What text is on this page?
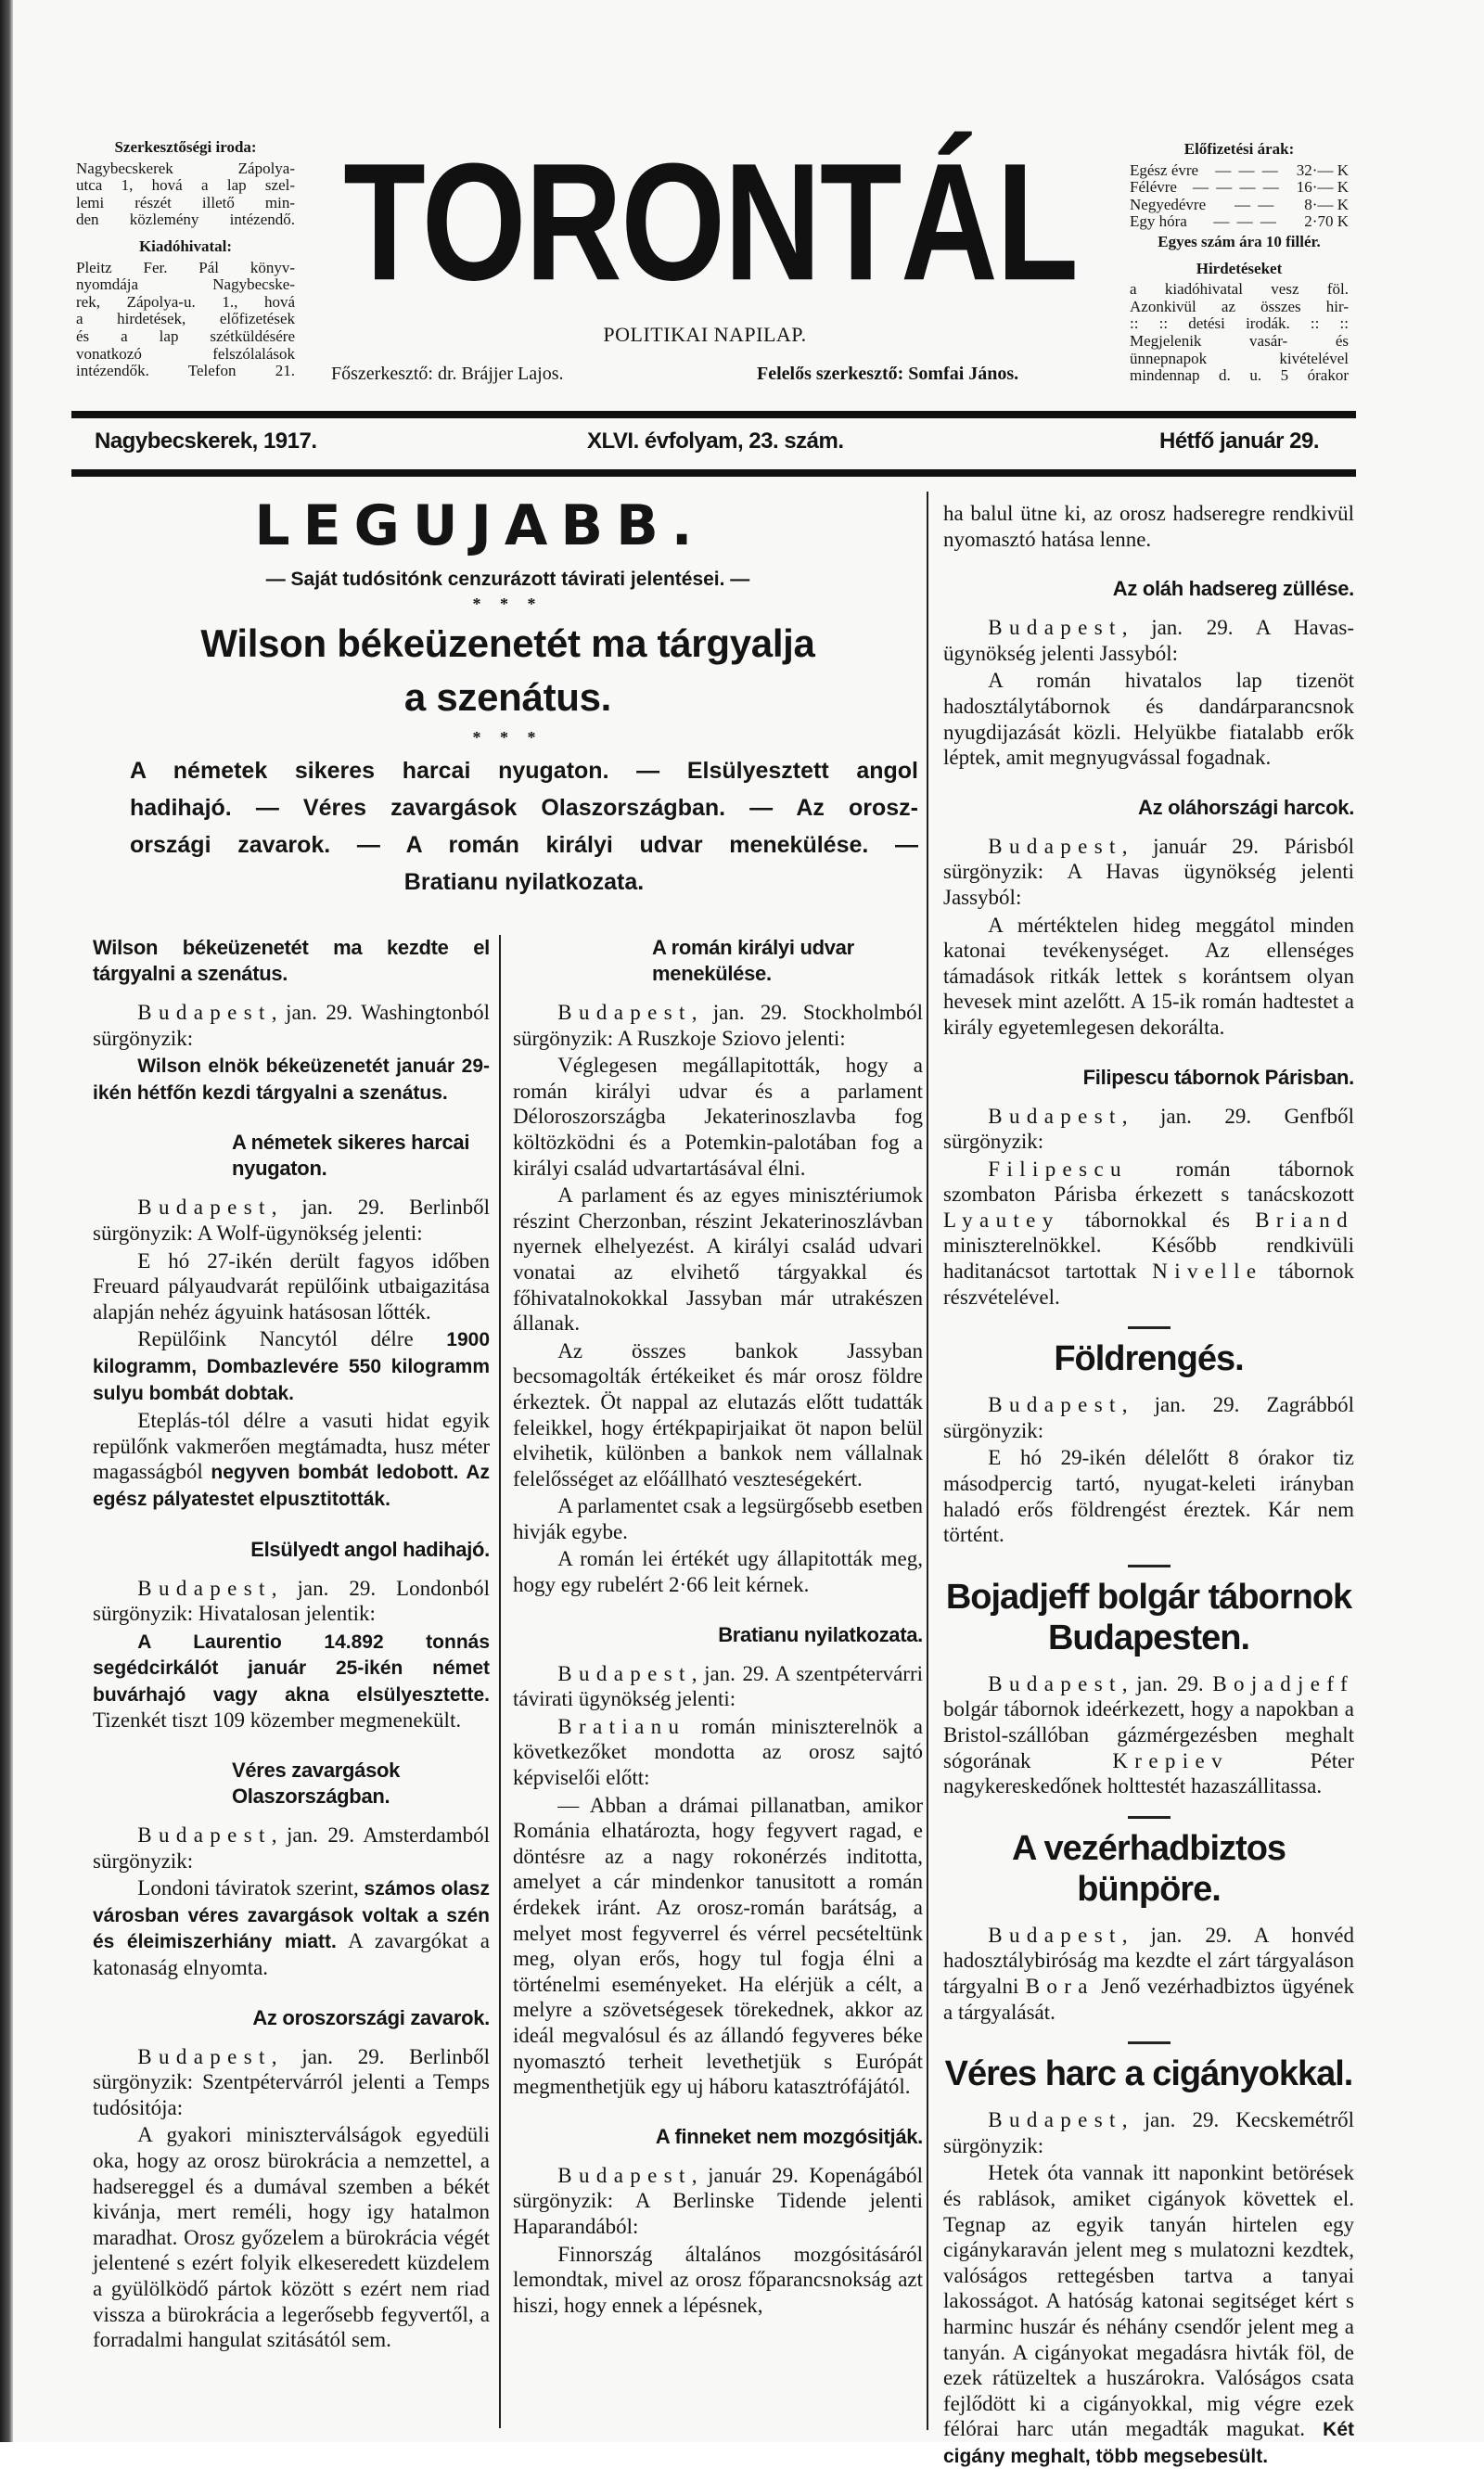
Szerkesztőségi iroda:
Nagybecskerek Zápolya-
utca 1, hová a lap szel-
lemi részét illető min-
den közlemény intézendő.
Kiadóhivatal:
Pleitz Fer. Pál könyv-
nyomdája Nagybecske-
rek, Zápolya-u. 1., hová
a hirdetések, előfizetések
és a lap szétküldésére
vonatkozó felszólalások
intézendők. Telefon 21.
TORONTÁL
POLITIKAI NAPILAP.
Főszerkesztő: dr. Brájjer Lajos.	Felelős szerkesztő: Somfai János.
Előfizetési árak:
Egész évre	— — —	32·— K
Félévre	— — — —	16·— K
Negyedévre	— —	8·— K
Egy hóra	— — —	2·70 K
Egyes szám ára 10 fillér.
Hirdetéseket
a kiadóhivatal vesz föl.
Azonkivül az összes hir-
:: :: detési irodák. :: ::
Megjelenik vasár- és
ünnepnapok kivételével
mindennap d. u. 5 órakor
Nagybecskerek, 1917.	XLVI. évfolyam, 23. szám.	Hétfő január 29.
LEGUJABB.
— Saját tudósitónk cenzurázott távirati jelentései. —
* * *
Wilson békeüzenetét ma tárgyalja
a szenátus.
* * *
A németek sikeres harcai nyugaton. — Elsülyesztett angol
hadihajó. — Véres zavargások Olaszországban. — Az orosz-
országi zavarok. — A román királyi udvar menekülése. —
Bratianu nyilatkozata.
Wilson békeüzenetét ma kezdte el tárgyalni a szenátus.

Budapest, jan. 29. Washingtonból sürgönyzik:

Wilson elnök békeüzenetét január 29-ikén hétfőn kezdi tárgyalni a szenátus.

A németek sikeres harcai nyugaton.

Budapest, jan. 29. Berlinből sürgönyzik: A Wolf-ügynökség jelenti:

E hó 27-ikén derült fagyos időben Freuard pályaudvarát repülőink utbaigazitása alapján nehéz ágyuink hatásosan lőtték.

Repülőink Nancytól délre 1900 kilogramm, Dombazlevére 550 kilogramm sulyu bombát dobtak.

Eteplás-tól délre a vasuti hidat egyik repülőnk vakmerően megtámadta, husz méter magasságból negyven bombát ledobott. Az egész pályatestet elpusztitották.

Elsülyedt angol hadihajó.

Budapest, jan. 29. Londonból sürgönyzik: Hivatalosan jelentik:

A Laurentio 14.892 tonnás segédcirkálót január 25-ikén német buvárhajó vagy akna elsülyesztette. Tizenkét tiszt 109 közember megmenekült.

Véres zavargások Olaszországban.

Budapest, jan. 29. Amsterdamból sürgönyzik:

Londoni táviratok szerint, számos olasz városban véres zavargások voltak a szén és éleimiszerhiány miatt. A zavargókat a katonaság elnyomta.

Az oroszországi zavarok.

Budapest, jan. 29. Berlinből sürgönyzik: Szentpétervárról jelenti a Temps tudósitója:

A gyakori miniszterválságok egyedüli oka, hogy az orosz bürokrácia a nemzettel, a hadsereggel és a dumával szemben a békét kivánja, mert reméli, hogy igy hatalmon maradhat. Orosz győzelem a bürokrácia végét jelentené s ezért folyik elkeseredett küzdelem a gyülölködő pártok között s ezért nem riad vissza a bürokrácia a legerősebb fegyvertől, a forradalmi hangulat szitásától sem.

A román királyi udvar menekülése.

Budapest, jan. 29. Stockholmból sürgönyzik: A Ruszkoje Sziovo jelenti:

Véglegesen megállapitották, hogy a román királyi udvar és a parlament Déloroszországba Jekaterinoszlavba fog költözködni és a Potemkin-palotában fog a királyi család udvartartásával élni.

A parlament és az egyes minisztériumok részint Cherzonban, részint Jekaterinoszlávban nyernek elhelyezést. A királyi család udvari vonatai az elvihető tárgyakkal és főhivatalnokokkal Jassyban már utrakészen állanak.

Az összes bankok Jassyban becsomagolták értékeiket és már orosz földre érkeztek. Öt nappal az elutazás előtt tudatták feleikkel, hogy értékpapirjaikat öt napon belül elvihetik, különben a bankok nem vállalnak felelősséget az előállható veszteségekért.

A parlamentet csak a legsürgősebb esetben hivják egybe.

A román lei értékét ugy állapitották meg, hogy egy rubelért 2·66 leit kérnek.

Bratianu nyilatkozata.

Budapest, jan. 29. A szentpétervárri távirati ügynökség jelenti:

Bratianu román miniszterelnök a következőket mondotta az orosz sajtó képviselői előtt:

— Abban a drámai pillanatban, amikor Románia elhatározta, hogy fegyvert ragad, e döntésre az a nagy rokonérzés inditotta, amelyet a cár mindenkor tanusitott a román érdekek iránt. Az orosz-román barátság, a melyet most fegyverrel és vérrel pecsételtünk meg, olyan erős, hogy tul fogja élni a történelmi eseményeket. Ha elérjük a célt, a melyre a szövetségesek törekednek, akkor az ideál megvalósul és az állandó fegyveres béke nyomasztó terheit levethetjük s Európát megmenthetjük egy uj háboru katasztrófájától.

A finneket nem mozgósitják.

Budapest, január 29. Kopenágából sürgönyzik: A Berlinske Tidende jelenti Haparandából:

Finnország általános mozgósitásáról lemondtak, mivel az orosz főparancsnokság azt hiszi, hogy ennek a lépésnek,

ha balul ütne ki, az orosz hadseregre rendkivül nyomasztó hatása lenne.

Az oláh hadsereg züllése.

Budapest, jan. 29. A Havas-ügynökség jelenti Jassyból:

A román hivatalos lap tizenöt hadosztálytábornok és dandárparancsnok nyugdijazását közli. Helyükbe fiatalabb erők léptek, amit megnyugvással fogadnak.

Az oláhországi harcok.

Budapest, január 29. Párisból sürgönyzik: A Havas ügynökség jelenti Jassyból:

A mértéktelen hideg meggátol minden katonai tevékenységet. Az ellenséges támadások ritkák lettek s korántsem olyan hevesek mint azelőtt. A 15-ik román hadtestet a király egyetemlegesen dekorálta.

Filipescu tábornok Párisban.

Budapest, jan. 29. Genfből sürgönyzik:

Filipescu román tábornok szombaton Párisba érkezett s tanácskozott Lyautey tábornokkal és Briand miniszterelnökkel. Később rendkivüli haditanácsot tartottak Nivelle tábornok részvételével.

Földrengés.

Budapest, jan. 29. Zagrábból sürgönyzik:

E hó 29-ikén délelőtt 8 órakor tiz másodpercig tartó, nyugat-keleti irányban haladó erős földrengést éreztek. Kár nem történt.

Bojadjeff bolgár tábornok Budapesten.

Budapest, jan. 29. Bojadjeff bolgár tábornok ideérkezett, hogy a napokban a Bristol-szállóban gázmérgezésben meghalt sógorának Krepiev Péter nagykereskedőnek holttestét hazaszállitassa.

A vezérhadbiztos bünpöre.

Budapest, jan. 29. A honvéd hadosztálybiróság ma kezdte el zárt tárgyaláson tárgyalni Bora Jenő vezérhadbiztos ügyének a tárgyalását.

Véres harc a cigányokkal.

Budapest, jan. 29. Kecskemétről sürgönyzik:

Hetek óta vannak itt naponkint betörések és rablások, amiket cigányok követtek el. Tegnap az egyik tanyán hirtelen egy cigánykaraván jelent meg s mulatozni kezdtek, valóságos rettegésben tartva a tanyai lakosságot. A hatóság katonai segitséget kért s harminc huszár és néhány csendőr jelent meg a tanyán. A cigányokat megadásra hivták föl, de ezek rátüzeltek a huszárokra. Valóságos csata fejlődött ki a cigányokkal, mig végre ezek félórai harc után megadták magukat. Két cigány meghalt, több megsebesült.
